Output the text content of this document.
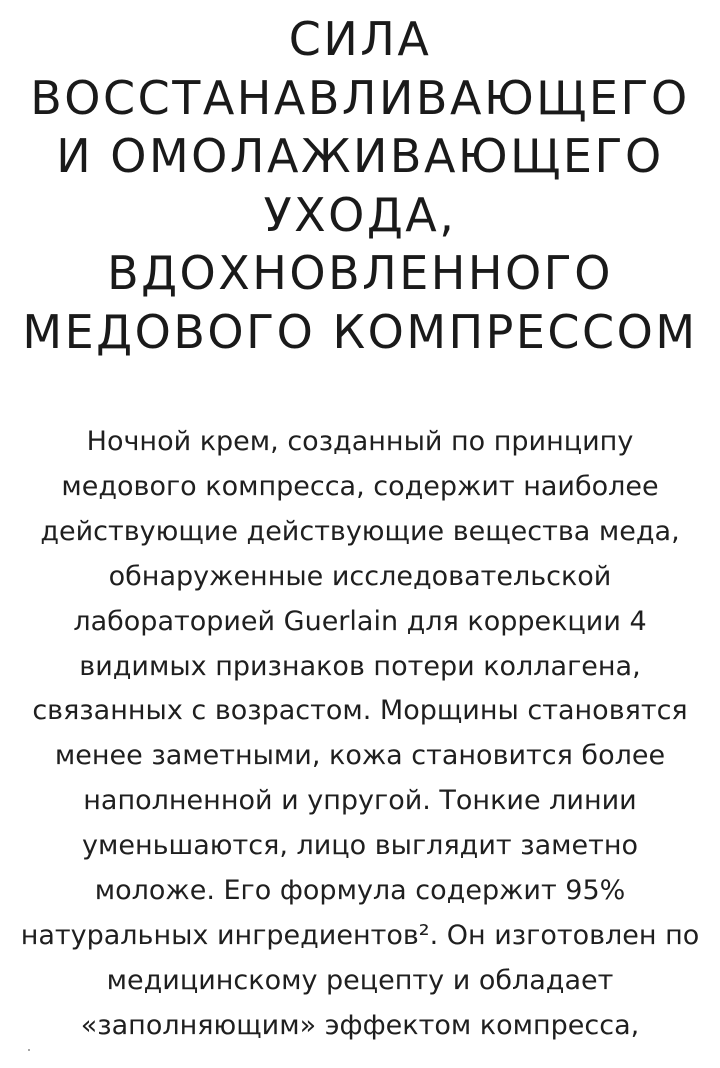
СИЛА
ВОССТАНАВЛИВАЮЩЕГО
И ОМОЛАЖИВАЮЩЕГО
УХОДА,
ВДОХНОВЛЕННОГО
МЕДОВОГО КОМПРЕССОМ

Ночной крем, созданный по принципу
медового компресса, содержит наиболее
действующие действующие вещества меда,
обнаруженные исследовательской
лабораторией Guerlain для коррекции 4
видимых признаков потери коллагена,
связанных с возрастом. Морщины становятся
менее заметными, кожа становится более
наполненной и упругой. Тонкие линии
уменьшаются, лицо выглядит заметно
моложе. Его формула содержит 95%
натуральных ингредиентов². Он изготовлен по
медицинскому рецепту и обладает
«заполняющим» эффектом компресса,
